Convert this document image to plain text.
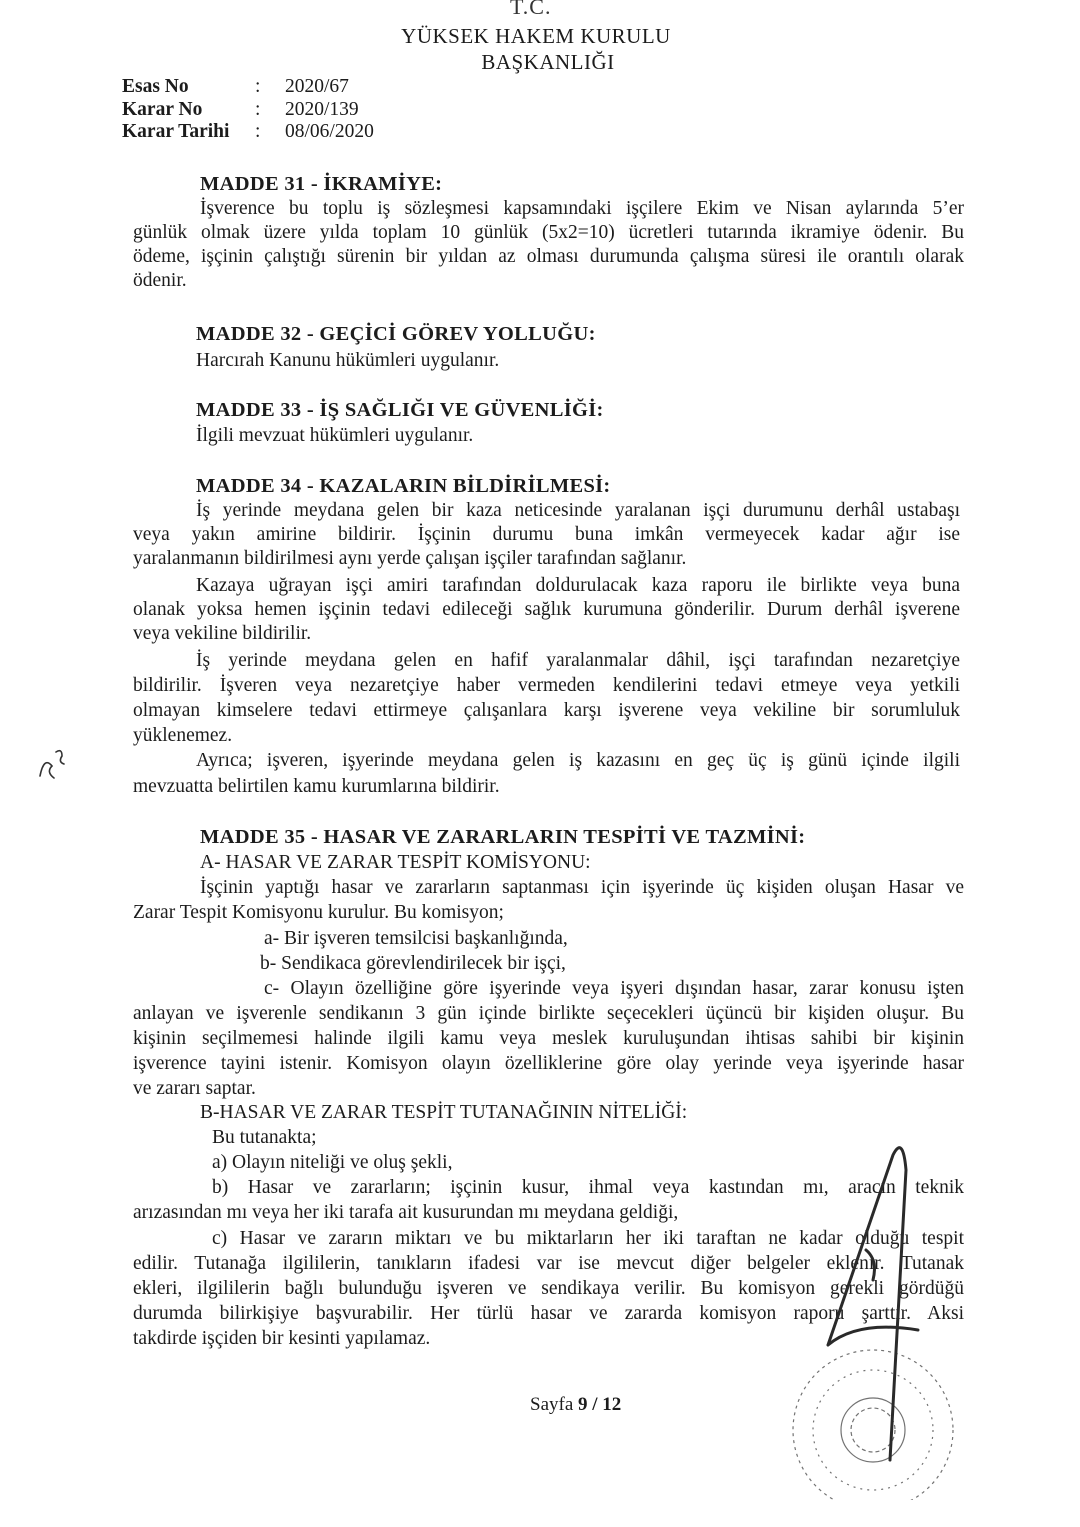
T.C.
YÜKSEK HAKEM KURULU
BAŞKANLIĞI
Esas No	:	2020/67
Karar No	:	2020/139
Karar Tarihi	:	08/06/2020
MADDE 31 - İKRAMİYE:
İşverence bu toplu iş sözleşmesi kapsamındaki işçilere Ekim ve Nisan aylarında 5’er
günlük olmak üzere yılda toplam 10 günlük (5x2=10) ücretleri tutarında ikramiye ödenir. Bu
ödeme, işçinin çalıştığı sürenin bir yıldan az olması durumunda çalışma süresi ile orantılı olarak
ödenir.
MADDE 32 - GEÇİCİ GÖREV YOLLUĞU:
Harcırah Kanunu hükümleri uygulanır.
MADDE 33 - İŞ SAĞLIĞI VE GÜVENLİĞİ:
İlgili mevzuat hükümleri uygulanır.
MADDE 34 - KAZALARIN BİLDİRİLMESİ:
İş yerinde meydana gelen bir kaza neticesinde yaralanan işçi durumunu derhâl ustabaşı
veya yakın amirine bildirir. İşçinin durumu buna imkân vermeyecek kadar ağır ise
yaralanmanın bildirilmesi aynı yerde çalışan işçiler tarafından sağlanır.
Kazaya uğrayan işçi amiri tarafından doldurulacak kaza raporu ile birlikte veya buna
olanak yoksa hemen işçinin tedavi edileceği sağlık kurumuna gönderilir. Durum derhâl işverene
veya vekiline bildirilir.
İş yerinde meydana gelen en hafif yaralanmalar dâhil, işçi tarafından nezaretçiye
bildirilir. İşveren veya nezaretçiye haber vermeden kendilerini tedavi etmeye veya yetkili
olmayan kimselere tedavi ettirmeye çalışanlara karşı işverene veya vekiline bir sorumluluk
yüklenemez.
Ayrıca; işveren, işyerinde meydana gelen iş kazasını en geç üç iş günü içinde ilgili
mevzuatta belirtilen kamu kurumlarına bildirir.
MADDE 35 - HASAR VE ZARARLARIN TESPİTİ VE TAZMİNİ:
A- HASAR VE ZARAR TESPİT KOMİSYONU:
İşçinin yaptığı hasar ve zararların saptanması için işyerinde üç kişiden oluşan Hasar ve
Zarar Tespit Komisyonu kurulur. Bu komisyon;
a- Bir işveren temsilcisi başkanlığında,
b- Sendikaca görevlendirilecek bir işçi,
c- Olayın özelliğine göre işyerinde veya işyeri dışından hasar, zarar konusu işten
anlayan ve işverenle sendikanın 3 gün içinde birlikte seçecekleri üçüncü bir kişiden oluşur. Bu
kişinin seçilmemesi halinde ilgili kamu veya meslek kuruluşundan ihtisas sahibi bir kişinin
işverence tayini istenir. Komisyon olayın özelliklerine göre olay yerinde veya işyerinde hasar
ve zararı saptar.
B-HASAR VE ZARAR TESPİT TUTANAĞININ NİTELİĞİ:
Bu tutanakta;
a) Olayın niteliği ve oluş şekli,
b) Hasar ve zararların; işçinin kusur, ihmal veya kastından mı, aracın teknik
arızasından mı veya her iki tarafa ait kusurundan mı meydana geldiği,
c) Hasar ve zararın miktarı ve bu miktarların her iki taraftan ne kadar olduğu tespit
edilir. Tutanağa ilgililerin, tanıkların ifadesi var ise mevcut diğer belgeler eklenir. Tutanak
ekleri, ilgililerin bağlı bulunduğu işveren ve sendikaya verilir. Bu komisyon gerekli gördüğü
durumda bilirkişiye başvurabilir. Her türlü hasar ve zararda komisyon raporu şarttır. Aksi
takdirde işçiden bir kesinti yapılamaz.
Sayfa 9 / 12
